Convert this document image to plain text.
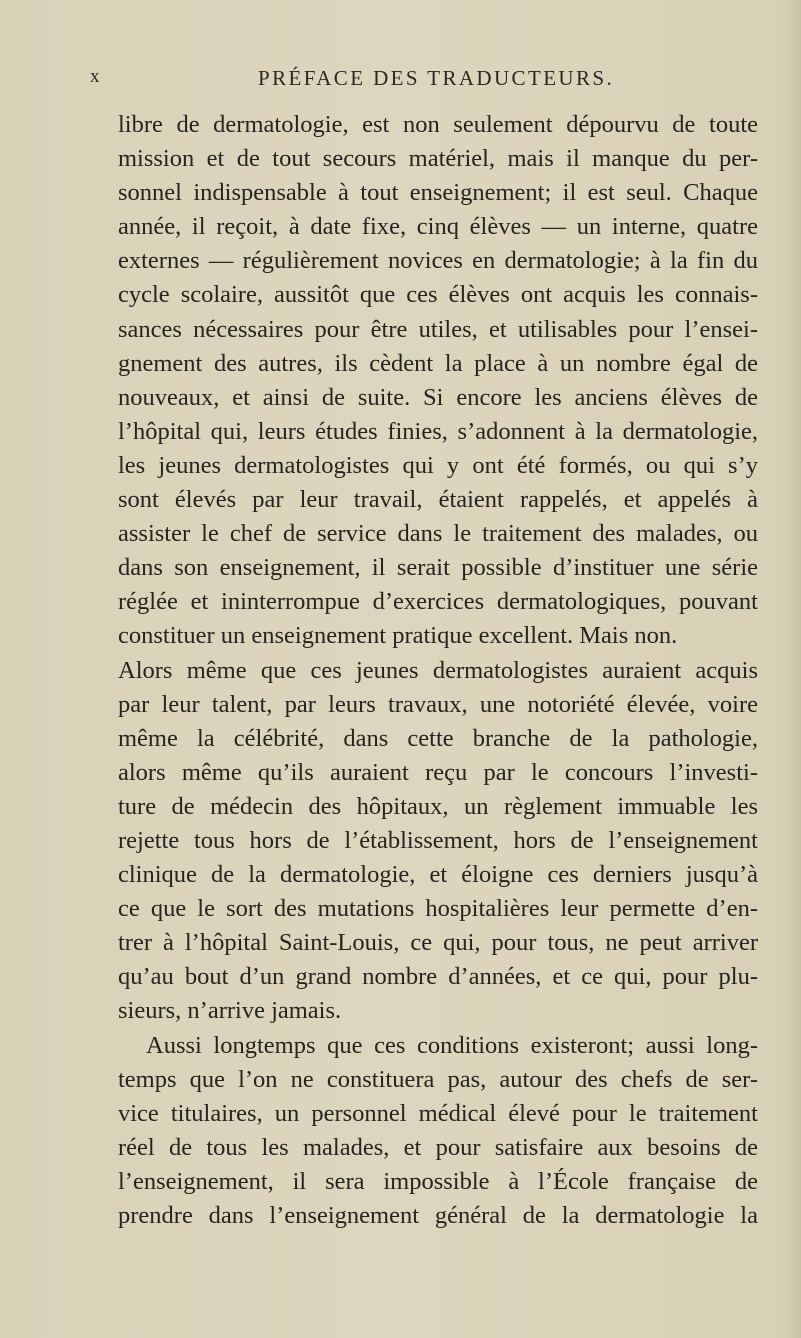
x	PRÉFACE DES TRADUCTEURS.
libre de dermatologie, est non seulement dépourvu de toute
mission et de tout secours matériel, mais il manque du per-
sonnel indispensable à tout enseignement; il est seul. Chaque
année, il reçoit, à date fixe, cinq élèves — un interne, quatre
externes — régulièrement novices en dermatologie; à la fin du
cycle scolaire, aussitôt que ces élèves ont acquis les connais-
sances nécessaires pour être utiles, et utilisables pour l’ensei-
gnement des autres, ils cèdent la place à un nombre égal de
nouveaux, et ainsi de suite. Si encore les anciens élèves de
l’hôpital qui, leurs études finies, s’adonnent à la dermatologie,
les jeunes dermatologistes qui y ont été formés, ou qui s’y
sont élevés par leur travail, étaient rappelés, et appelés à
assister le chef de service dans le traitement des malades, ou
dans son enseignement, il serait possible d’instituer une série
réglée et ininterrompue d’exercices dermatologiques, pouvant
constituer un enseignement pratique excellent. Mais non.
Alors même que ces jeunes dermatologistes auraient acquis
par leur talent, par leurs travaux, une notoriété élevée, voire
même la célébrité, dans cette branche de la pathologie,
alors même qu’ils auraient reçu par le concours l’investi-
ture de médecin des hôpitaux, un règlement immuable les
rejette tous hors de l’établissement, hors de l’enseignement
clinique de la dermatologie, et éloigne ces derniers jusqu’à
ce que le sort des mutations hospitalières leur permette d’en-
trer à l’hôpital Saint-Louis, ce qui, pour tous, ne peut arriver
qu’au bout d’un grand nombre d’années, et ce qui, pour plu-
sieurs, n’arrive jamais.
Aussi longtemps que ces conditions existeront; aussi long-
temps que l’on ne constituera pas, autour des chefs de ser-
vice titulaires, un personnel médical élevé pour le traitement
réel de tous les malades, et pour satisfaire aux besoins de
l’enseignement, il sera impossible à l’École française de
prendre dans l’enseignement général de la dermatologie la
